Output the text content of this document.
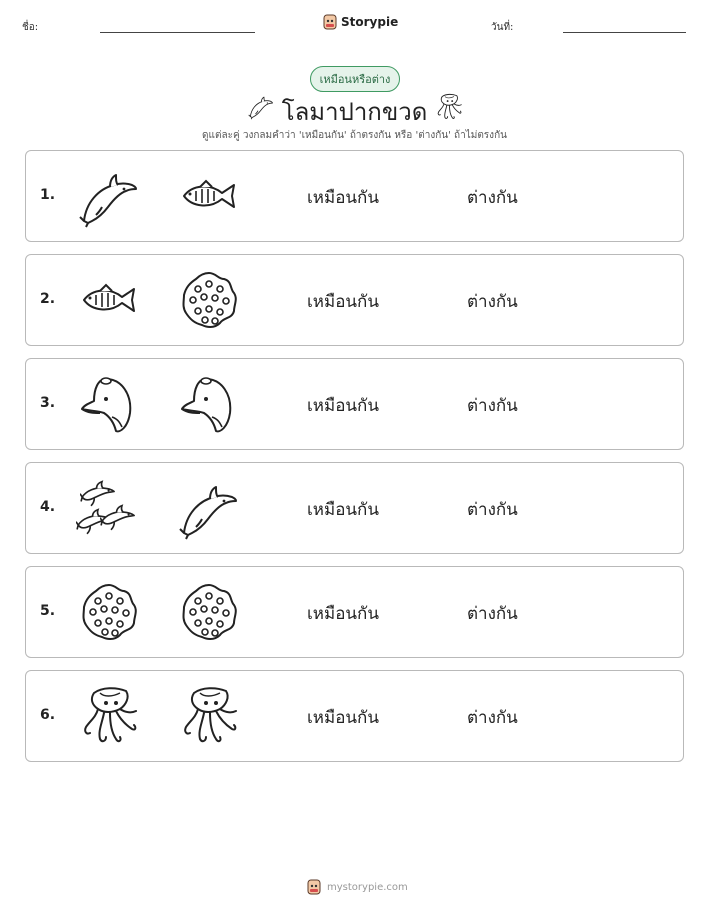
ชื่อ:	Storypie	วันที่:
เหมือนหรือต่าง
โลมาปากขวด
ดูแต่ละคู่ วงกลมคำว่า 'เหมือนกัน' ถ้าตรงกัน หรือ 'ต่างกัน' ถ้าไม่ตรงกัน
1.	เหมือนกัน	ต่างกัน
2.	เหมือนกัน	ต่างกัน
3.	เหมือนกัน	ต่างกัน
4.	เหมือนกัน	ต่างกัน
5.	เหมือนกัน	ต่างกัน
6.	เหมือนกัน	ต่างกัน
mystorypie.com
